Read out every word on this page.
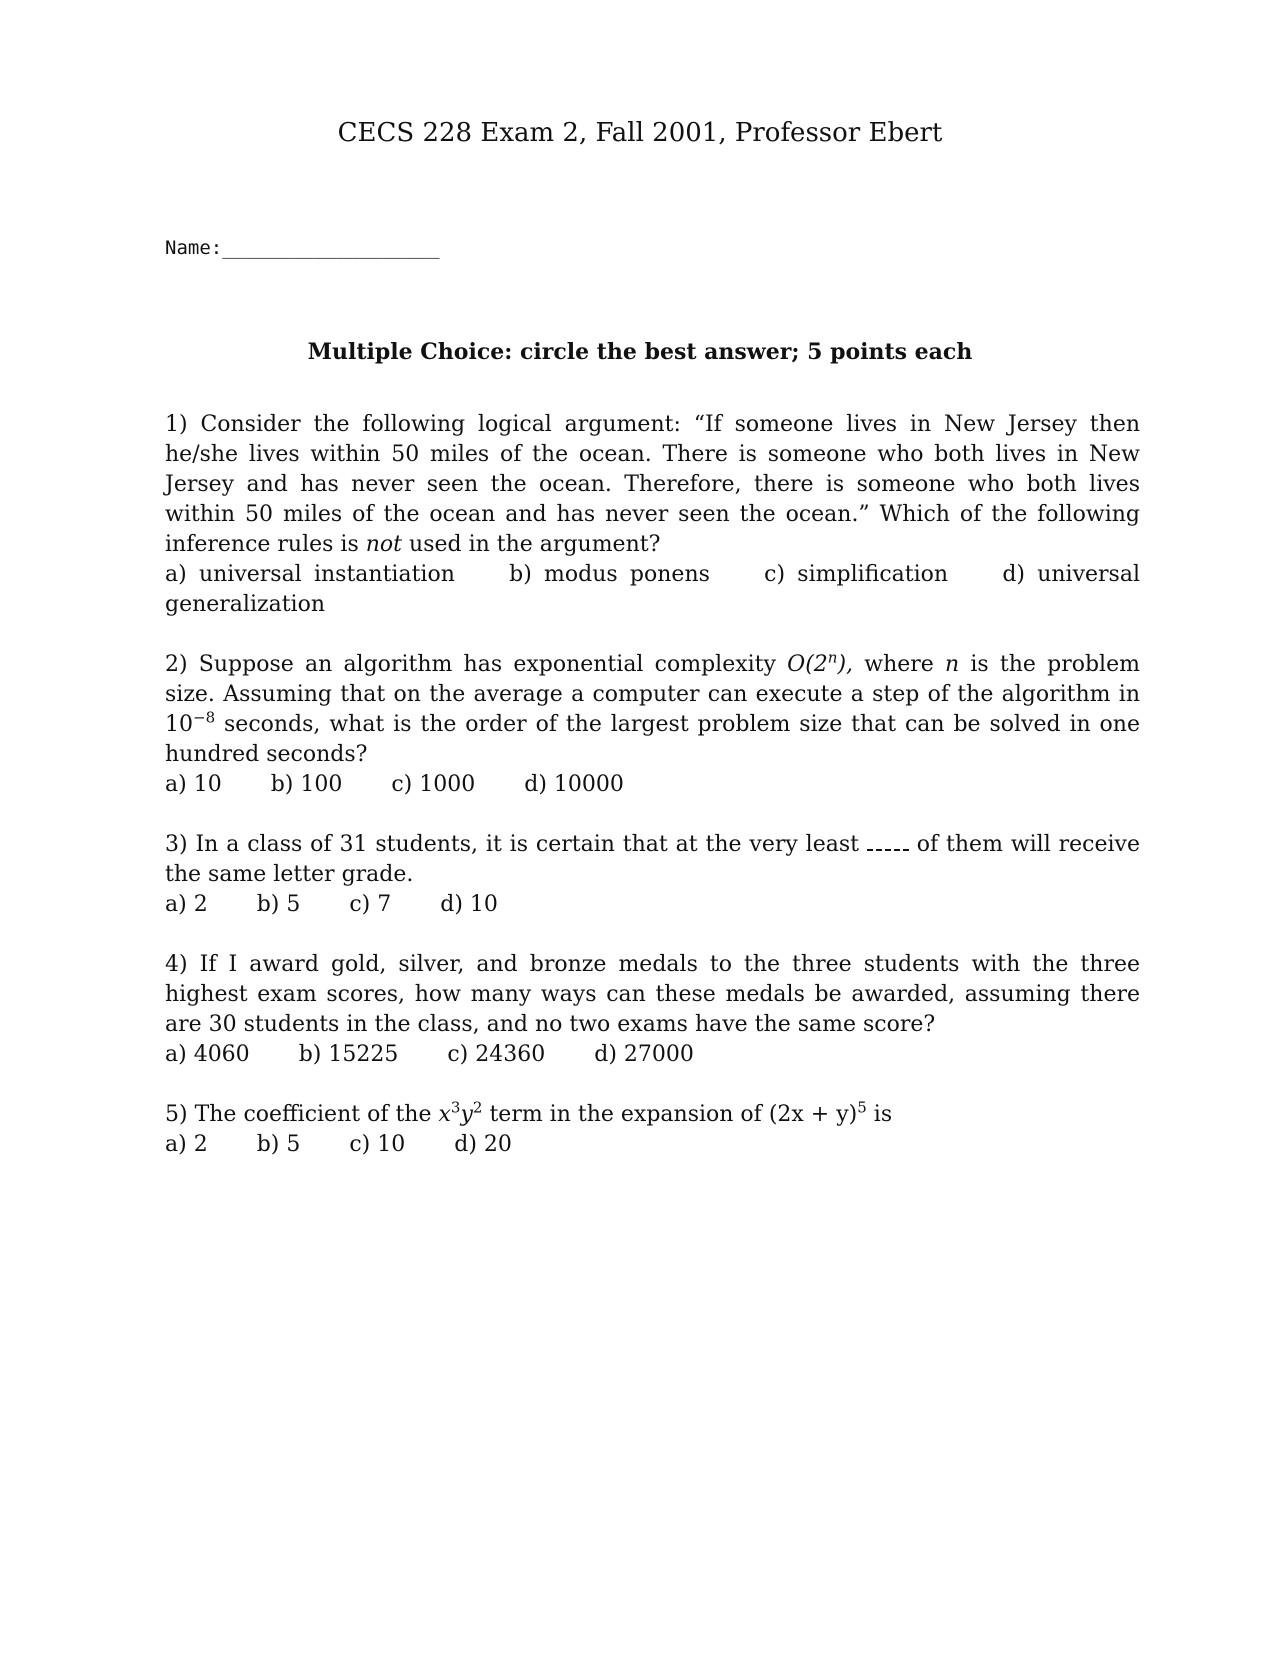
CECS 228 Exam 2, Fall 2001, Professor Ebert
Name:___________________
Multiple Choice: circle the best answer; 5 points each
1) Consider the following logical argument: “If someone lives in New Jersey then he/she lives within 50 miles of the ocean. There is someone who both lives in New Jersey and has never seen the ocean. Therefore, there is someone who both lives within 50 miles of the ocean and has never seen the ocean.” Which of the following inference rules is not used in the argument?
a) universal instantiation b) modus ponens c) simplification d) universal generalization
2) Suppose an algorithm has exponential complexity O(2$^n$), where n is the problem size. Assuming that on the average a computer can execute a step of the algorithm in $10^{-8}$ seconds, what is the order of the largest problem size that can be solved in one hundred seconds?
a) 10 b) 100 c) 1000 d) 10000
3) In a class of 31 students, it is certain that at the very least	of them will receive the same letter grade.
a) 2 b) 5 c) 7 d) 10
4) If I award gold, silver, and bronze medals to the three students with the three highest exam scores, how many ways can these medals be awarded, assuming there are 30 students in the class, and no two exams have the same score?
a) 4060 b) 15225 c) 24360 d) 27000
5) The coefficient of the $x^3y^2$ term in the expansion of $(2x + y)^5$ is
a) 2 b) 5 c) 10 d) 20
